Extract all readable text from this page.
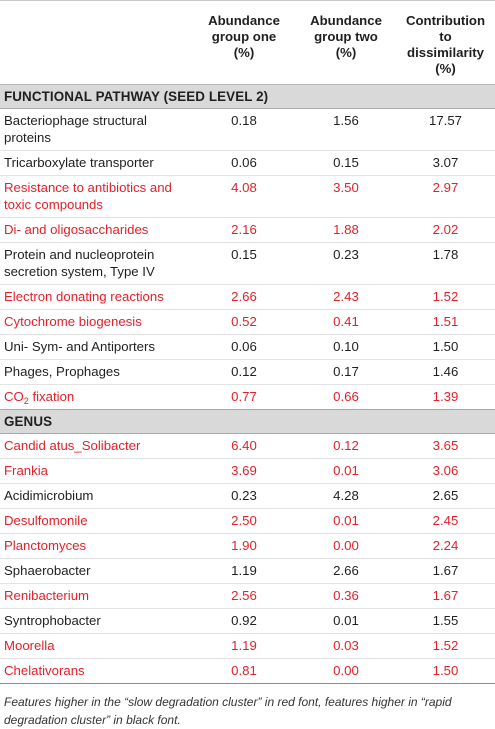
	Abundance
group one
(%)	Abundance
group two
(%)	Contribution to
dissimilarity
(%)

FUNCTIONAL PATHWAY (SEED LEVEL 2)			
Bacteriophage structural proteins	0.18	1.56	17.57
Tricarboxylate transporter	0.06	0.15	3.07
Resistance to antibiotics and toxic compounds	4.08	3.50	2.97
Di- and oligosaccharides	2.16	1.88	2.02
Protein and nucleoprotein secretion system, Type IV	0.15	0.23	1.78
Electron donating reactions	2.66	2.43	1.52
Cytochrome biogenesis	0.52	0.41	1.51
Uni- Sym- and Antiporters	0.06	0.10	1.50
Phages, Prophages	0.12	0.17	1.46
$CO_2$ fixation	0.77	0.66	1.39
GENUS			
Candid atus_Solibacter	6.40	0.12	3.65
Frankia	3.69	0.01	3.06
Acidimicrobium	0.23	4.28	2.65
Desulfomonile	2.50	0.01	2.45
Planctomyces	1.90	0.00	2.24
Sphaerobacter	1.19	2.66	1.67
Renibacterium	2.56	0.36	1.67
Syntrophobacter	0.92	0.01	1.55
Moorella	1.19	0.03	1.52
Chelativorans	0.81	0.00	1.50
Features higher in the “slow degradation cluster” in red font, features higher in “rapid degradation cluster” in black font.
